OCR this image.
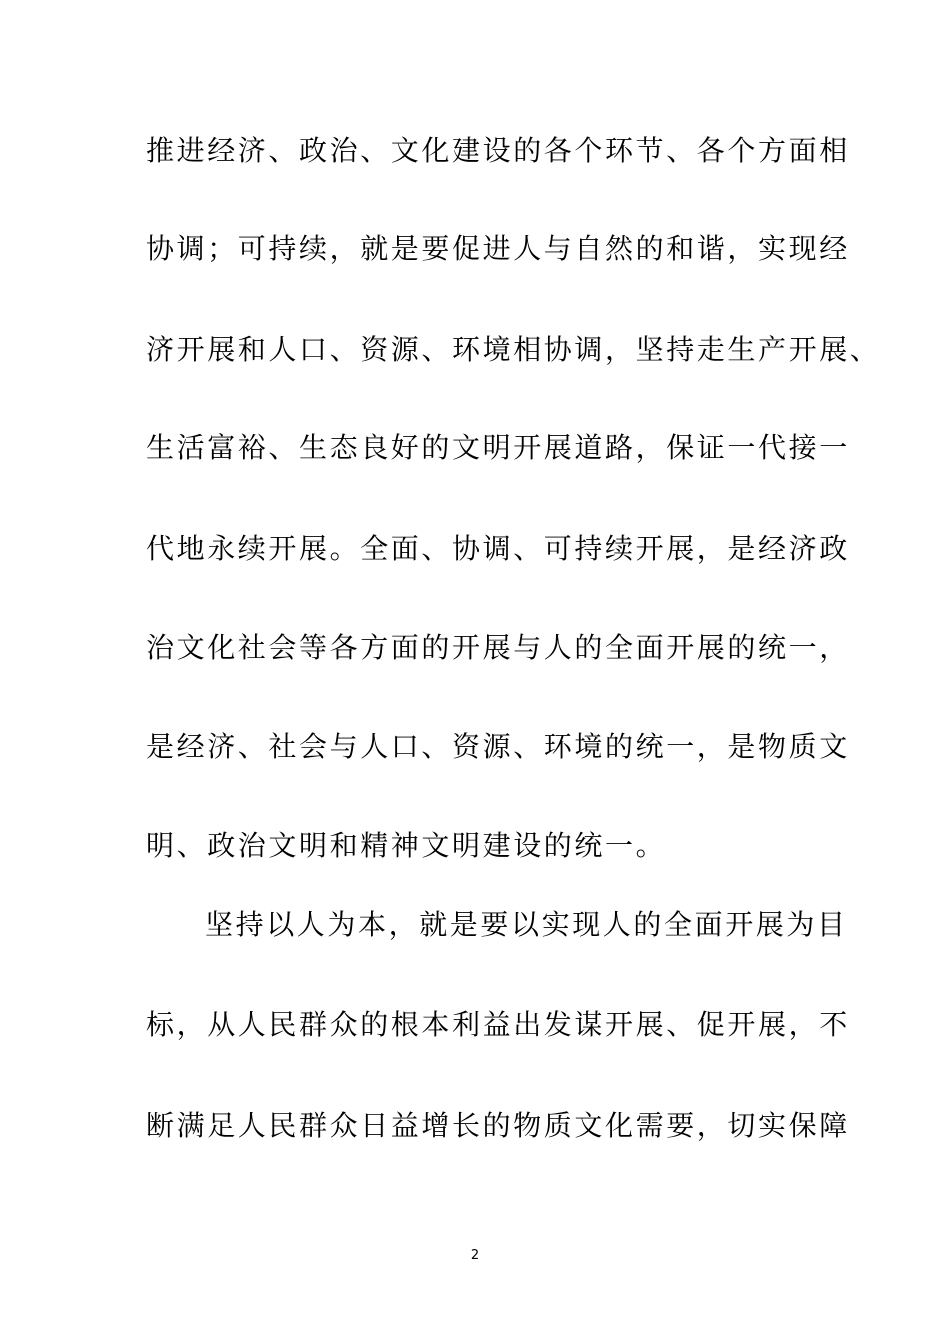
推进经济、政治、文化建设的各个环节、各个方面相
协调；可持续，就是要促进人与自然的和谐，实现经
济开展和人口、资源、环境相协调，坚持走生产开展、
生活富裕、生态良好的文明开展道路，保证一代接一
代地永续开展。全面、协调、可持续开展，是经济政
治文化社会等各方面的开展与人的全面开展的统一，
是经济、社会与人口、资源、环境的统一，是物质文
明、政治文明和精神文明建设的统一。
坚持以人为本，就是要以实现人的全面开展为目
标，从人民群众的根本利益出发谋开展、促开展，不
断满足人民群众日益增长的物质文化需要，切实保障
2
